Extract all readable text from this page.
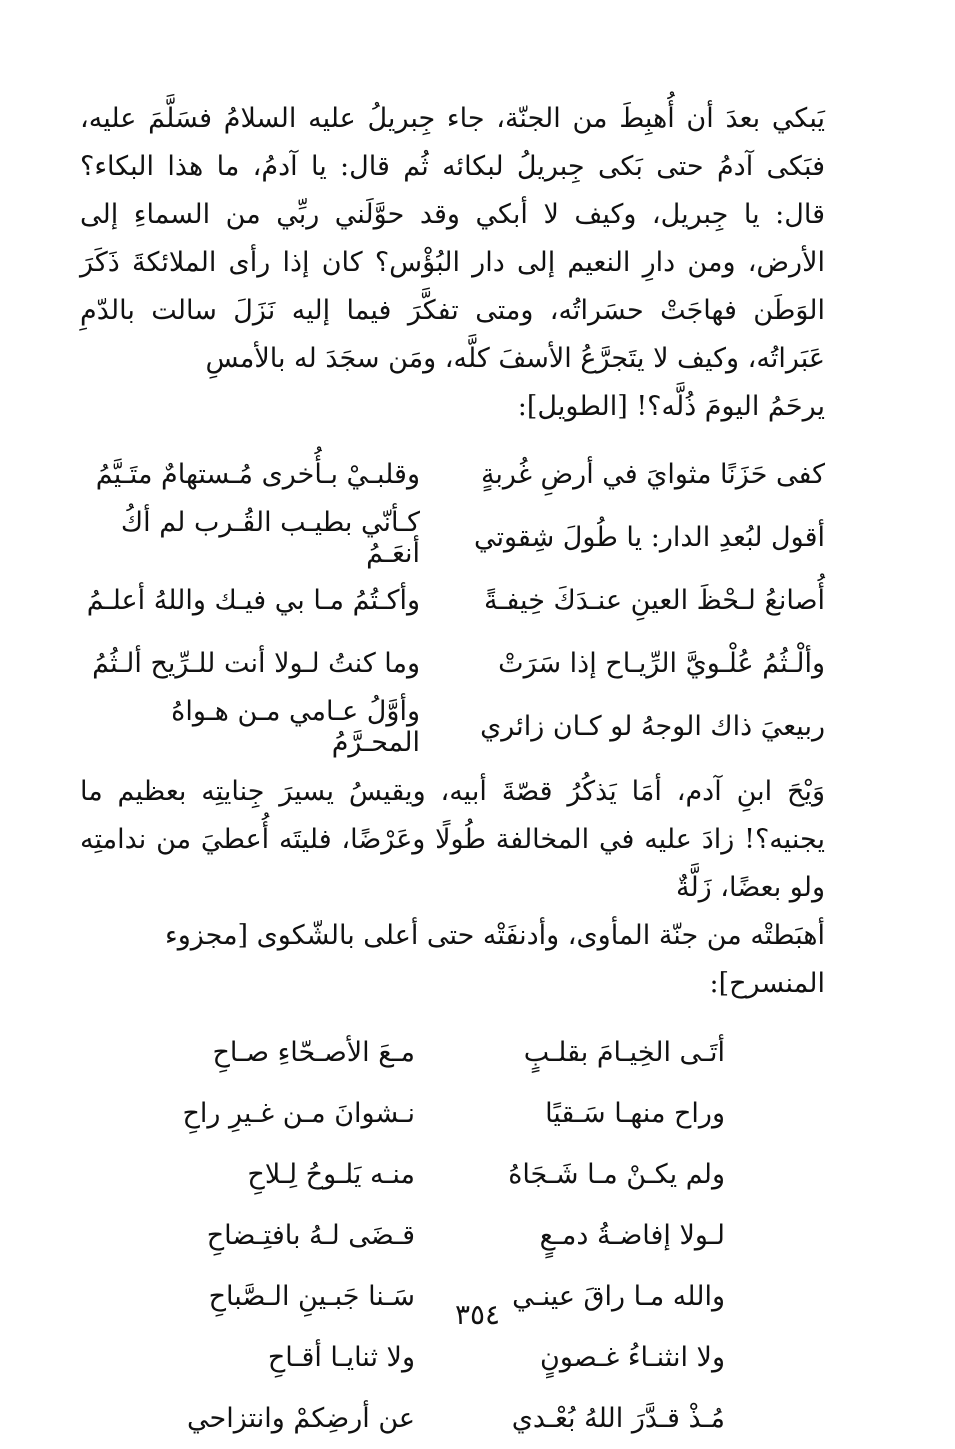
يَبكي بعدَ أن أُهبِطَ من الجنّة، جاء جِبريلُ عليه السلامُ فسَلَّمَ عليه، فبَكى آدمُ حتى بَكى جِبريلُ لبكائه ثُم قال: يا آدمُ، ما هذا البكاء؟ قال: يا جِبريل، وكيف لا أبكي وقد حوَّلَني ربِّي من السماءِ إلى الأرض، ومن دارِ النعيم إلى دار البُؤْس؟ كان إذا رأى الملائكةَ ذَكَرَ الوَطَن فهاجَتْ حسَراتُه، ومتى تفكَّرَ فيما إليه نَزَلَ سالت بالدّمِ عَبَراتُه، وكيف لا يتَجرَّعُ الأسفَ كلَّه، ومَن سجَدَ له بالأمسِ
يرحَمُ اليومَ ذُلَّه؟! [الطويل]:

كفى حَزَنًا مثوايَ في أرضِ غُربةٍ
وقلبـيْ بـأُخرى مُـستهامٌ متَـيَّمُ
أقول لبُعدِ الدار: يا طُولَ شِقوتي
كـأنّي بطيـب القُـرب لم أكُ أنعَـمُ
أُصانعُ لـحْظَ العينِ عنـدَكَ خِيفـةً
وأكـتُمُ مـا بي فيـك واللهُ أعلـمُ
وألْـثُمُ عُلْـويَّ الرِّيـاح إذا سَرَتْ
وما كنتُ لـولا أنت للـرِّيح ألـثُمُ
ربيعيَ ذاك الوجهُ لو كـان زائري
وأوَّلُ عـامي مـن هـواهُ المحـرَّمُ

وَيْحَ ابنِ آدم، أمَا يَذكُرُ قصّةَ أبيه، ويقيسُ يسيرَ جِنايتِه بعظيم ما يجنيه؟! زادَ عليه في المخالفة طُولًا وعَرْضًا، فليتَه أُعطيَ من ندامتِه ولو بعضًا، زَلَّةٌ
أهبَطتْه من جنّة المأوى، وأدنفَتْه حتى أعلى بالشّكوى [مجزوء المنسرح]:

أتَـى الخِيـامَ بقلـبٍ
مـعَ الأصـحّاءِ صـاحِ
وراح منهـا سَـقيًا
نـشوانَ مـن غـيرِ راحِ
ولم يكـنْ مـا شَـجَاهُ
منـه يَلـوحُ لِـلاحِ
لـولا إفاضـةُ دمـعٍ
قـضَى لـهُ بافتِـضاحِ
والله مـا راقَ عينـي
سَـنا جَبـينِ الـصَّباحِ
ولا انثنـاءُ غـصونٍ
ولا ثنايـا أقـاحِ
مُـذْ قـدَّرَ اللهُ بُعْـدي
عن أرضِكمْ وانتزاحي
٣٥٤
